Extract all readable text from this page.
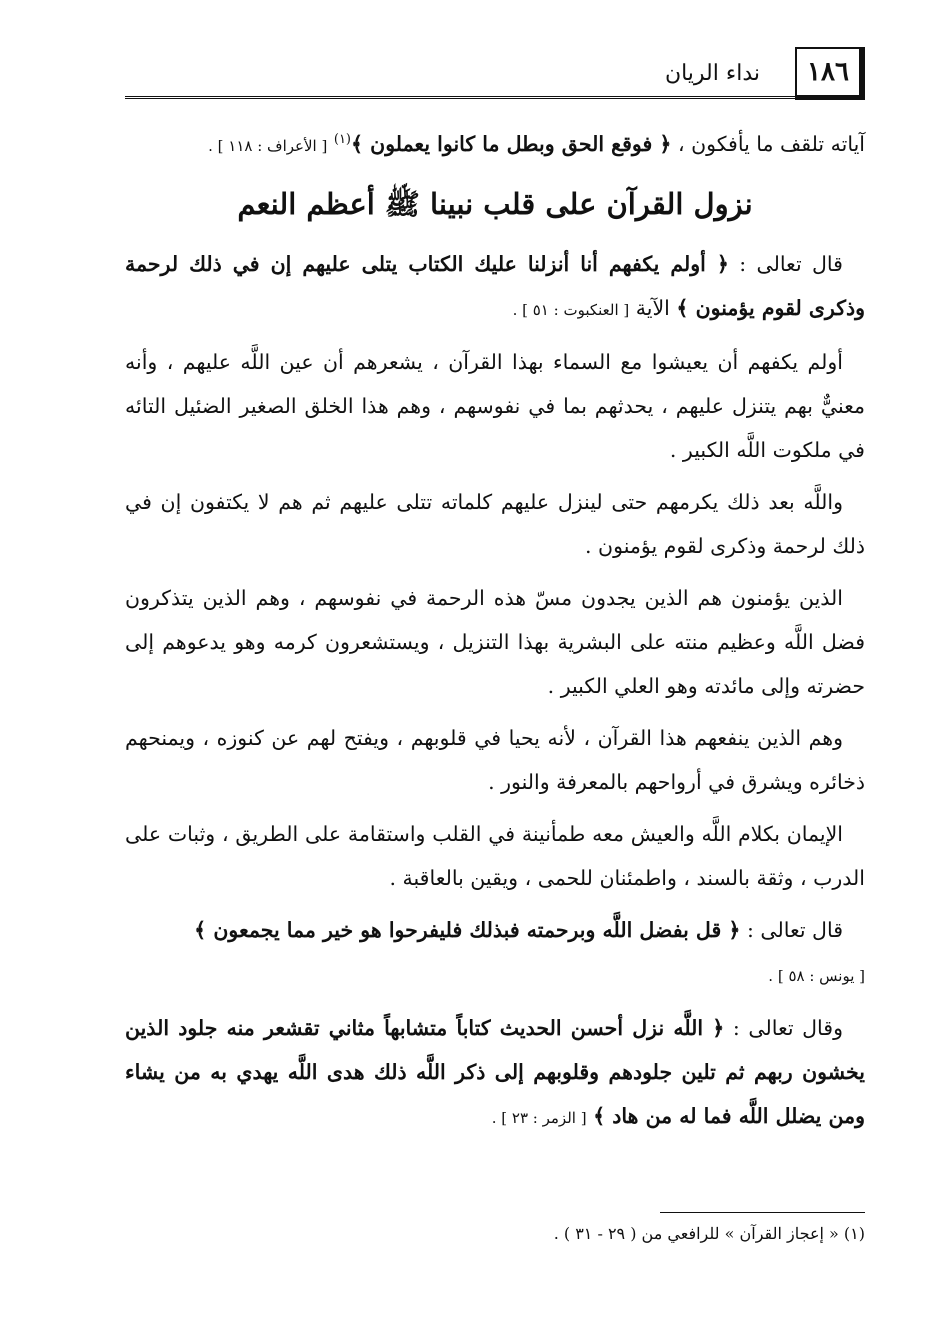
١٨٦
نداء الريان

آياته تلقف ما يأفكون ، ﴿ فوقع الحق وبطل ما كانوا يعملون ﴾$^{(١)}$ [ الأعراف : ١١٨ ] .

نزول القرآن على قلب نبينا ﷺ أعظم النعم

قال تعالى : ﴿ أولم يكفهم أنا أنزلنا عليك الكتاب يتلى عليهم إن في ذلك لرحمة وذكرى لقوم يؤمنون ﴾ الآية [ العنكبوت : ٥١ ] .

أولم يكفهم أن يعيشوا مع السماء بهذا القرآن ، يشعرهم أن عين اللَّه عليهم ، وأنه معنيٌّ بهم يتنزل عليهم ، يحدثهم بما في نفوسهم ، وهم هذا الخلق الصغير الضئيل التائه في ملكوت اللَّه الكبير .

واللَّه بعد ذلك يكرمهم حتى لينزل عليهم كلماته تتلى عليهم ثم هم لا يكتفون إن في ذلك لرحمة وذكرى لقوم يؤمنون .

الذين يؤمنون هم الذين يجدون مسّ هذه الرحمة في نفوسهم ، وهم الذين يتذكرون فضل اللَّه وعظيم منته على البشرية بهذا التنزيل ، ويستشعرون كرمه وهو يدعوهم إلى حضرته وإلى مائدته وهو العلي الكبير .

وهم الذين ينفعهم هذا القرآن ، لأنه يحيا في قلوبهم ، ويفتح لهم عن كنوزه ، ويمنحهم ذخائره ويشرق في أرواحهم بالمعرفة والنور .

الإيمان بكلام اللَّه والعيش معه طمأنينة في القلب واستقامة على الطريق ، وثبات على الدرب ، وثقة بالسند ، واطمئنان للحمى ، ويقين بالعاقبة .

قال تعالى : ﴿ قل بفضل اللَّه وبرحمته فبذلك فليفرحوا هو خير مما يجمعون ﴾
[ يونس : ٥٨ ] .

وقال تعالى : ﴿ اللَّه نزل أحسن الحديث كتاباً متشابهاً مثاني تقشعر منه جلود الذين يخشون ربهم ثم تلين جلودهم وقلوبهم إلى ذكر اللَّه ذلك هدى اللَّه يهدي به من يشاء ومن يضلل اللَّه فما له من هاد ﴾ [ الزمر : ٢٣ ] .

(١) « إعجاز القرآن » للرافعي من ( ٢٩ - ٣١ ) .
